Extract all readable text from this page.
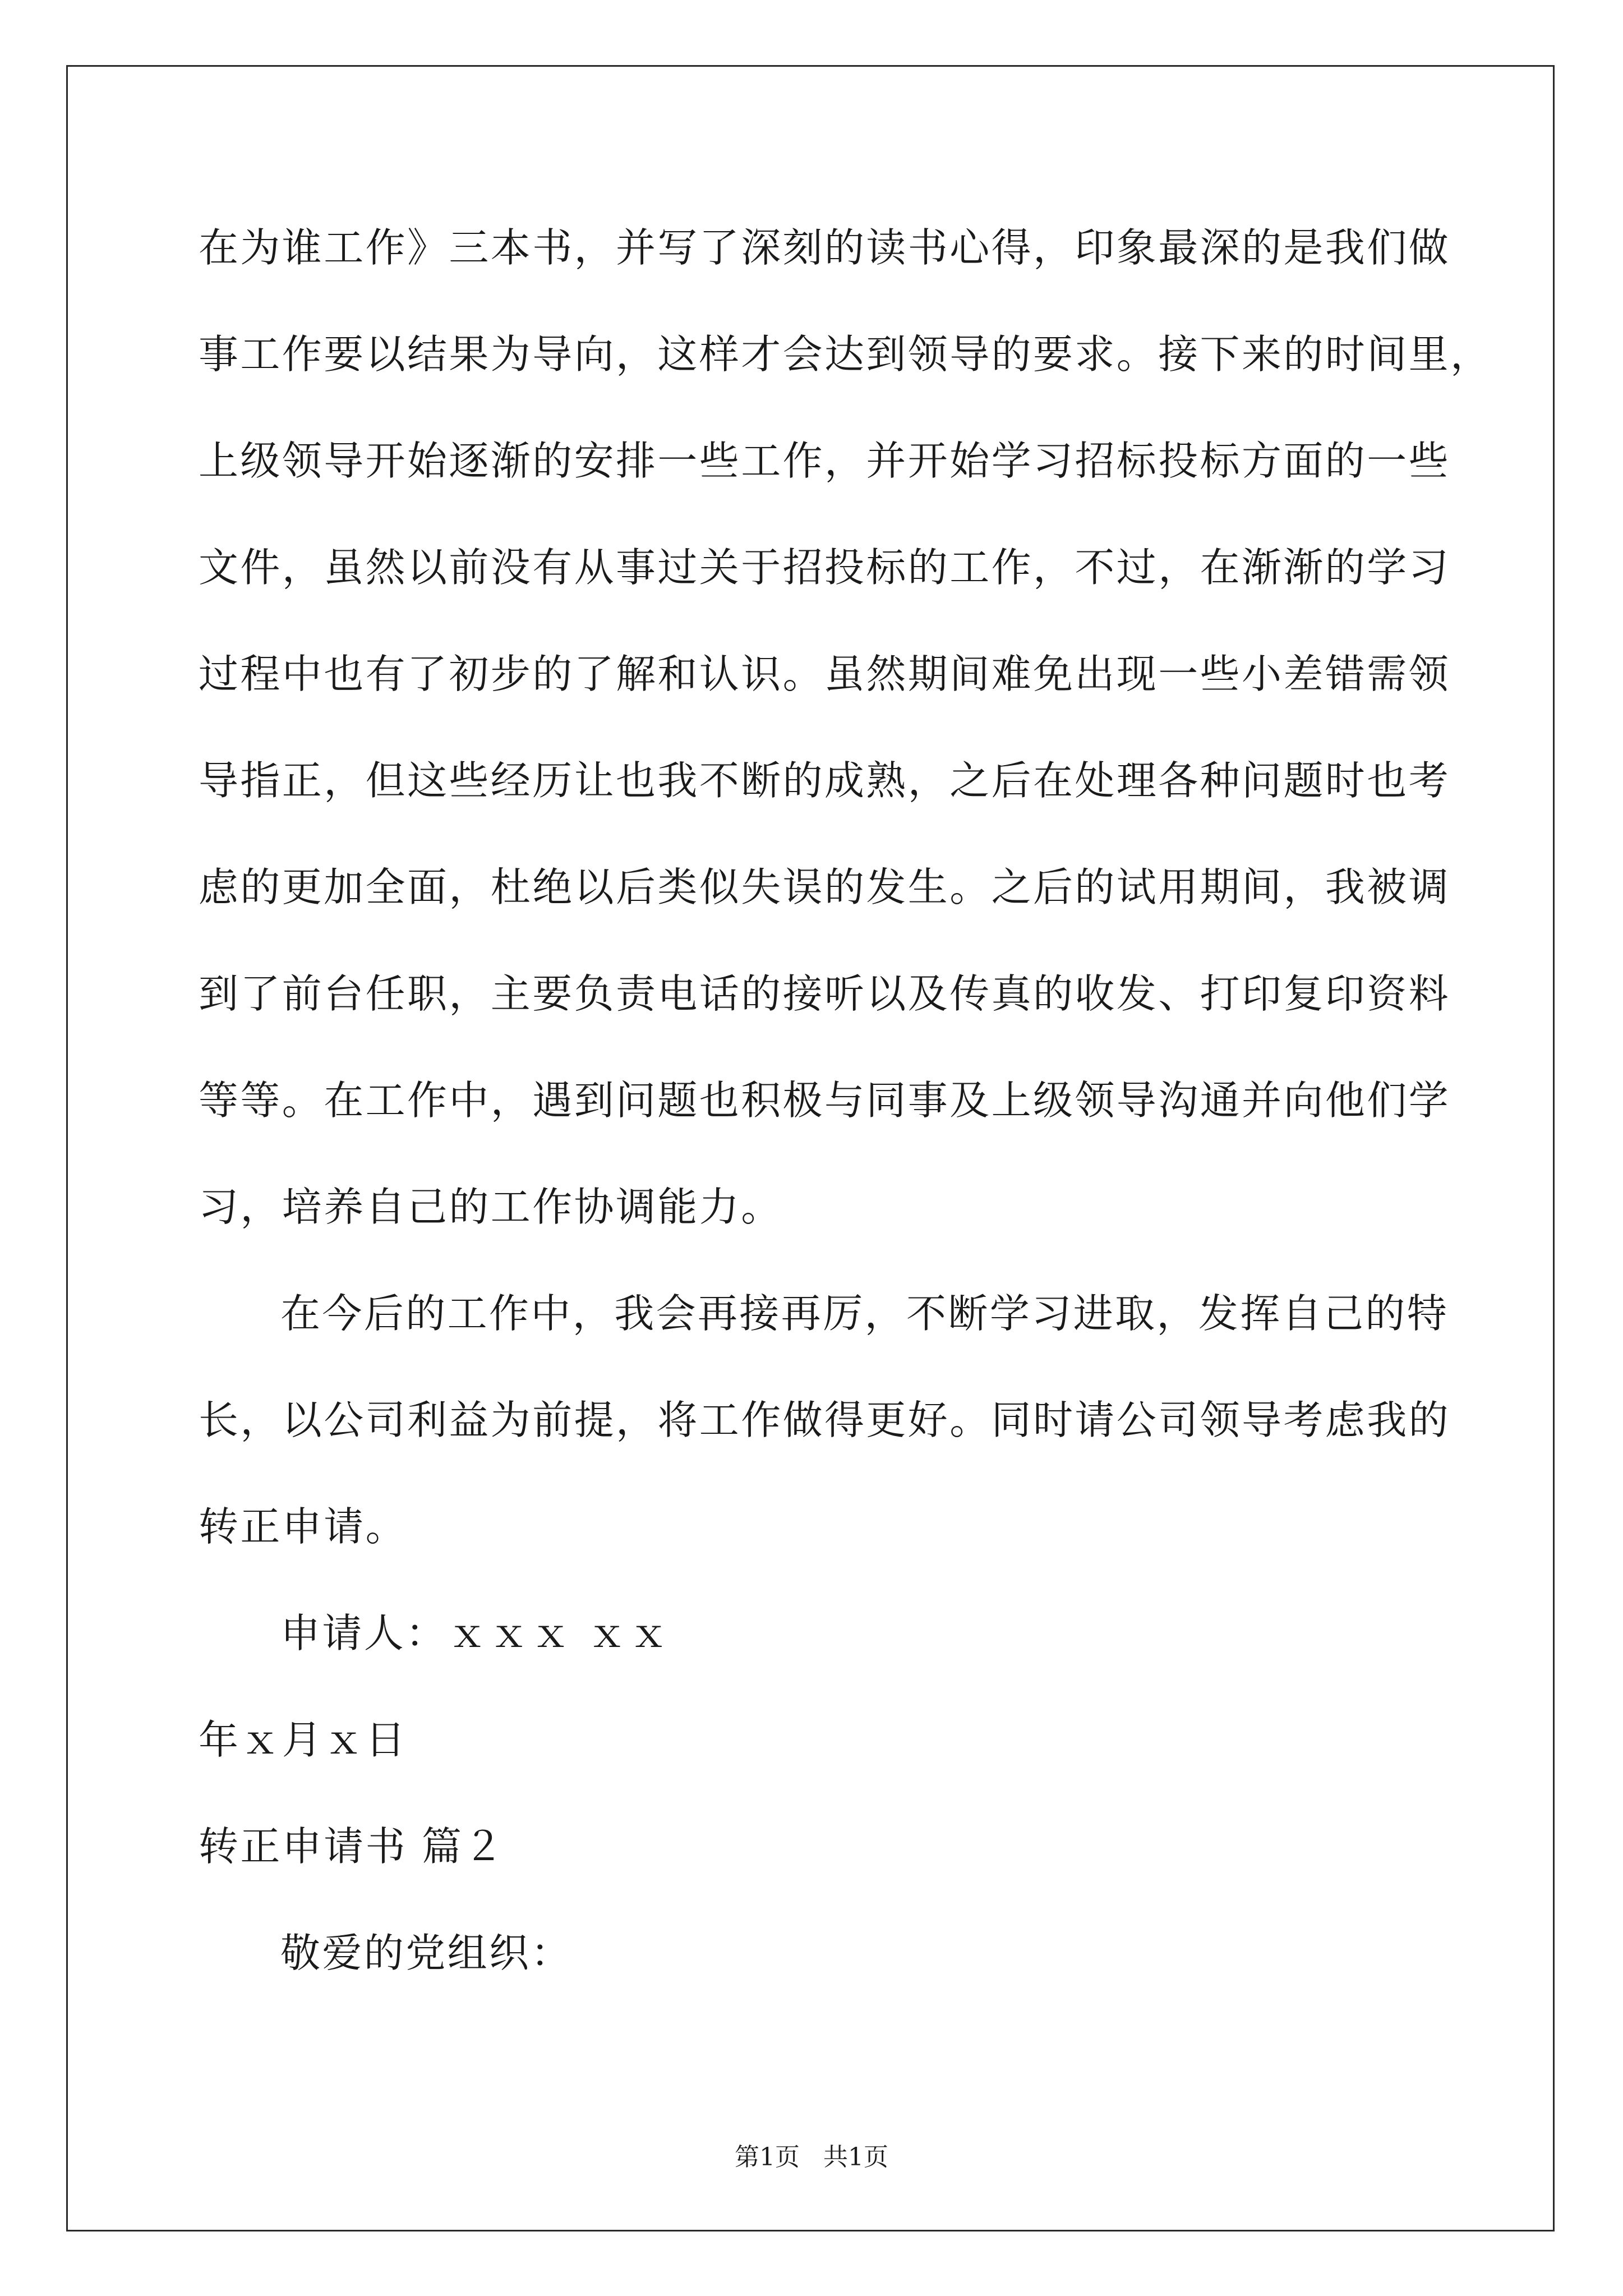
在为谁工作》三本书，并写了深刻的读书心得，印象最深的是我们做
事工作要以结果为导向，这样才会达到领导的要求。接下来的时间里，
上级领导开始逐渐的安排一些工作，并开始学习招标投标方面的一些
文件，虽然以前没有从事过关于招投标的工作，不过，在渐渐的学习
过程中也有了初步的了解和认识。虽然期间难免出现一些小差错需领
导指正，但这些经历让也我不断的成熟，之后在处理各种问题时也考
虑的更加全面，杜绝以后类似失误的发生。之后的试用期间，我被调
到了前台任职，主要负责电话的接听以及传真的收发、打印复印资料
等等。在工作中，遇到问题也积极与同事及上级领导沟通并向他们学
习，培养自己的工作协调能力。
在今后的工作中，我会再接再厉，不断学习进取，发挥自己的特
长，以公司利益为前提，将工作做得更好。同时请公司领导考虑我的
转正申请。
申请人：ｘｘｘ ｘｘ
年ｘ月ｘ日
转正申请书 篇２
敬爱的党组织：
第1页   共1页
